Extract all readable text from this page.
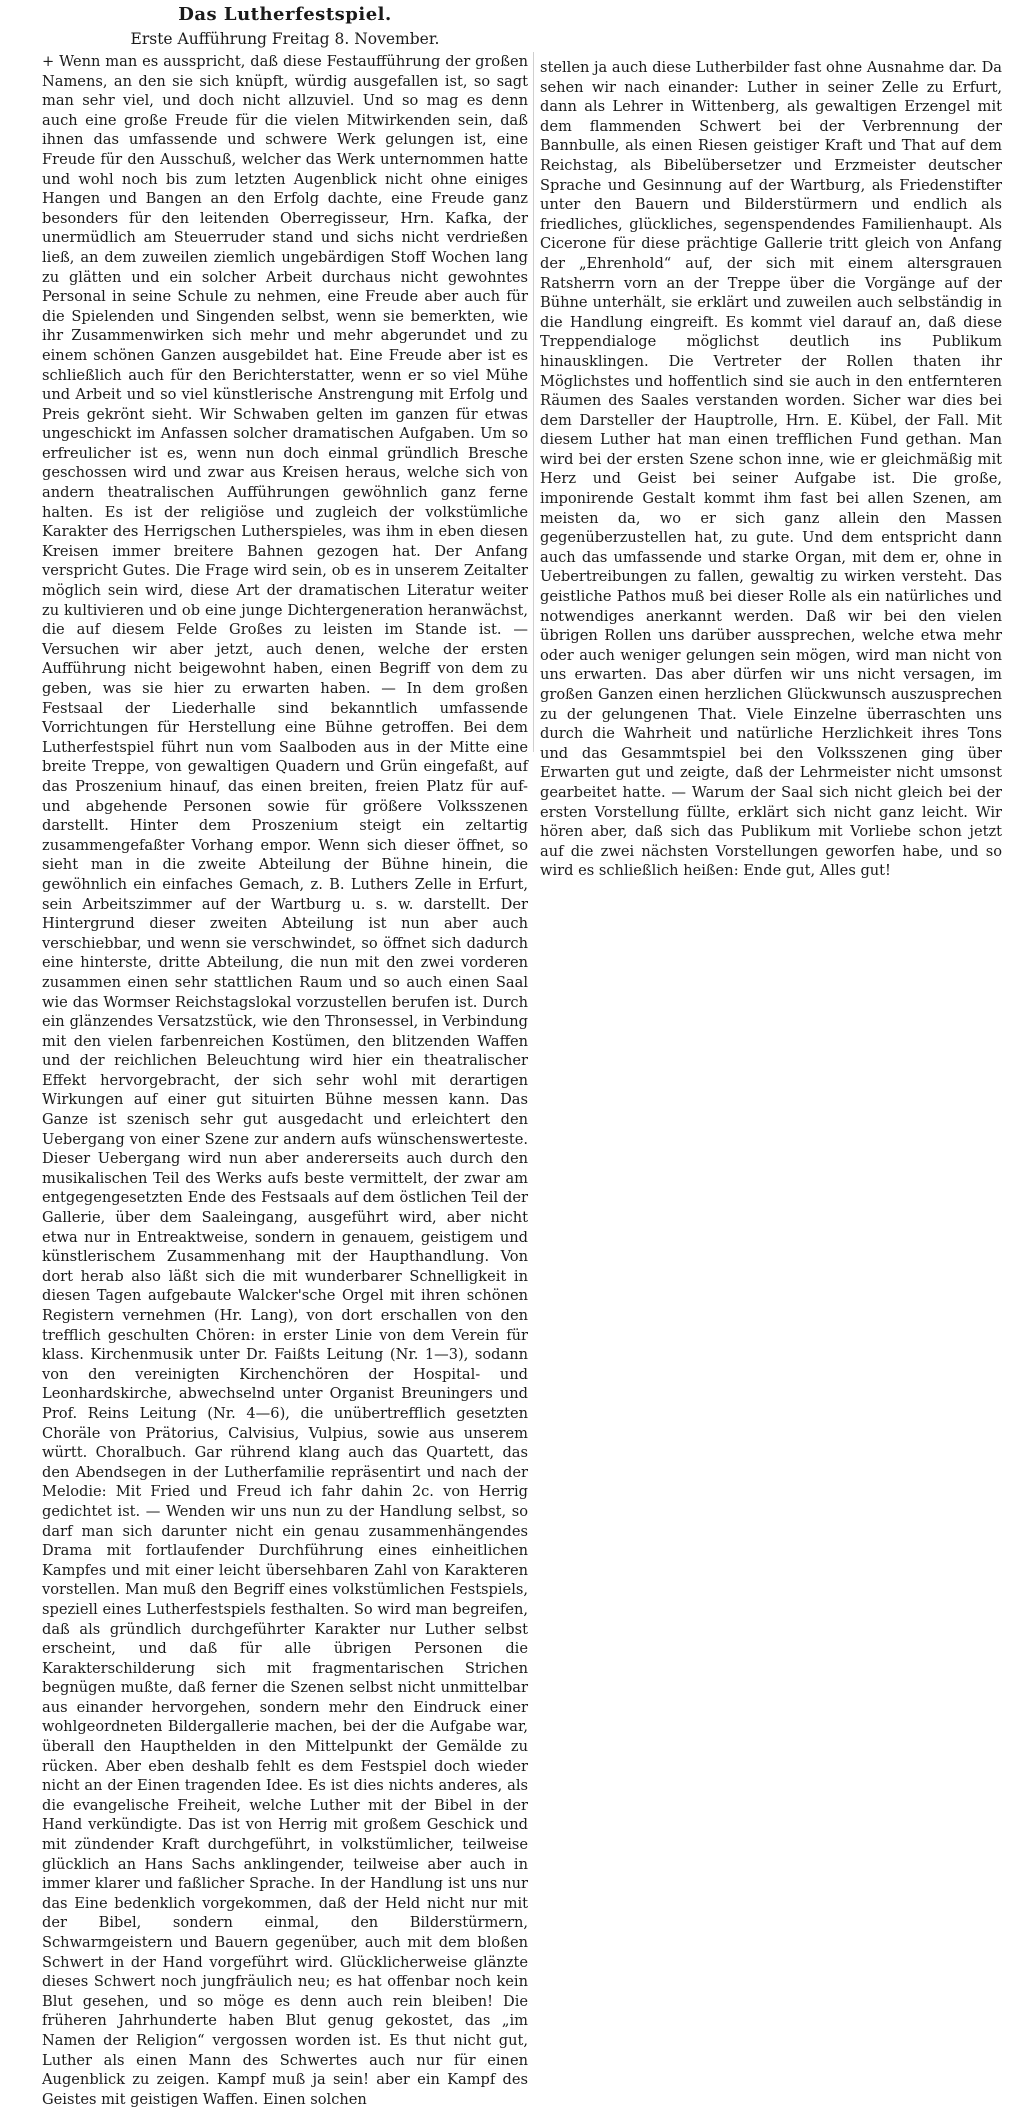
Das Lutherfestspiel.
Erste Aufführung Freitag 8. November.

+ Wenn man es ausspricht, daß diese Festaufführung der großen Namens, an den sie sich knüpft, würdig ausgefallen ist, so sagt man sehr viel, und doch nicht allzuviel. Und so mag es denn auch eine große Freude für die vielen Mitwirkenden sein, daß ihnen das umfassende und schwere Werk gelungen ist, eine Freude für den Ausschuß, welcher das Werk unternommen hatte und wohl noch bis zum letzten Augenblick nicht ohne einiges Hangen und Bangen an den Erfolg dachte, eine Freude ganz besonders für den leitenden Oberregisseur, Hrn. Kafka, der unermüdlich am Steuerruder stand und sichs nicht verdrießen ließ, an dem zuweilen ziemlich ungebärdigen Stoff Wochen lang zu glätten und ein solcher Arbeit durchaus nicht gewohntes Personal in seine Schule zu nehmen, eine Freude aber auch für die Spielenden und Singenden selbst, wenn sie bemerkten, wie ihr Zusammenwirken sich mehr und mehr abgerundet und zu einem schönen Ganzen ausgebildet hat. Eine Freude aber ist es schließlich auch für den Berichterstatter, wenn er so viel Mühe und Arbeit und so viel künstlerische Anstrengung mit Erfolg und Preis gekrönt sieht. Wir Schwaben gelten im ganzen für etwas ungeschickt im Anfassen solcher dramatischen Aufgaben. Um so erfreulicher ist es, wenn nun doch einmal gründlich Bresche geschossen wird und zwar aus Kreisen heraus, welche sich von andern theatralischen Aufführungen gewöhnlich ganz ferne halten. Es ist der religiöse und zugleich der volkstümliche Karakter des Herrigschen Lutherspieles, was ihm in eben diesen Kreisen immer breitere Bahnen gezogen hat. Der Anfang verspricht Gutes. Die Frage wird sein, ob es in unserem Zeitalter möglich sein wird, diese Art der dramatischen Literatur weiter zu kultivieren und ob eine junge Dichtergeneration heranwächst, die auf diesem Felde Großes zu leisten im Stande ist. — Versuchen wir aber jetzt, auch denen, welche der ersten Aufführung nicht beigewohnt haben, einen Begriff von dem zu geben, was sie hier zu erwarten haben. — In dem großen Festsaal der Liederhalle sind bekanntlich umfassende Vorrichtungen für Herstellung eine Bühne getroffen. Bei dem Lutherfestspiel führt nun vom Saalboden aus in der Mitte eine breite Treppe, von gewaltigen Quadern und Grün eingefaßt, auf das Proszenium hinauf, das einen breiten, freien Platz für auf- und abgehende Personen sowie für größere Volksszenen darstellt. Hinter dem Proszenium steigt ein zeltartig zusammengefaßter Vorhang empor. Wenn sich dieser öffnet, so sieht man in die zweite Abteilung der Bühne hinein, die gewöhnlich ein einfaches Gemach, z. B. Luthers Zelle in Erfurt, sein Arbeitszimmer auf der Wartburg u. s. w. darstellt. Der Hintergrund dieser zweiten Abteilung ist nun aber auch verschiebbar, und wenn sie verschwindet, so öffnet sich dadurch eine hinterste, dritte Abteilung, die nun mit den zwei vorderen zusammen einen sehr stattlichen Raum und so auch einen Saal wie das Wormser Reichstagslokal vorzustellen berufen ist. Durch ein glänzendes Versatzstück, wie den Thronsessel, in Verbindung mit den vielen farbenreichen Kostümen, den blitzenden Waffen und der reichlichen Beleuchtung wird hier ein theatralischer Effekt hervorgebracht, der sich sehr wohl mit derartigen Wirkungen auf einer gut situirten Bühne messen kann. Das Ganze ist szenisch sehr gut ausgedacht und erleichtert den Uebergang von einer Szene zur andern aufs wünschenswerteste. Dieser Uebergang wird nun aber andererseits auch durch den musikalischen Teil des Werks aufs beste vermittelt, der zwar am entgegengesetzten Ende des Festsaals auf dem östlichen Teil der Gallerie, über dem Saaleingang, ausgeführt wird, aber nicht etwa nur in Entreaktweise, sondern in genauem, geistigem und künstlerischem Zusammenhang mit der Haupthandlung. Von dort herab also läßt sich die mit wunderbarer Schnelligkeit in diesen Tagen aufgebaute Walcker'sche Orgel mit ihren schönen Registern vernehmen (Hr. Lang), von dort erschallen von den trefflich geschulten Chören: in erster Linie von dem Verein für klass. Kirchenmusik unter Dr. Faißts Leitung (Nr. 1—3), sodann von den vereinigten Kirchenchören der Hospital- und Leonhardskirche, abwechselnd unter Organist Breuningers und Prof. Reins Leitung (Nr. 4—6), die unübertrefflich gesetzten Choräle von Prätorius, Calvisius, Vulpius, sowie aus unserem württ. Choralbuch. Gar rührend klang auch das Quartett, das den Abendsegen in der Lutherfamilie repräsentirt und nach der Melodie: Mit Fried und Freud ich fahr dahin 2c. von Herrig gedichtet ist. — Wenden wir uns nun zu der Handlung selbst, so darf man sich darunter nicht ein genau zusammenhängendes Drama mit fortlaufender Durchführung eines einheitlichen Kampfes und mit einer leicht übersehbaren Zahl von Karakteren vorstellen. Man muß den Begriff eines volkstümlichen Festspiels, speziell eines Lutherfestspiels festhalten. So wird man begreifen, daß als gründlich durchgeführter Karakter nur Luther selbst erscheint, und daß für alle übrigen Personen die Karakterschilderung sich mit fragmentarischen Strichen begnügen mußte, daß ferner die Szenen selbst nicht unmittelbar aus einander hervorgehen, sondern mehr den Eindruck einer wohlgeordneten Bildergallerie machen, bei der die Aufgabe war, überall den Haupthelden in den Mittelpunkt der Gemälde zu rücken. Aber eben deshalb fehlt es dem Festspiel doch wieder nicht an der Einen tragenden Idee. Es ist dies nichts anderes, als die evangelische Freiheit, welche Luther mit der Bibel in der Hand verkündigte. Das ist von Herrig mit großem Geschick und mit zündender Kraft durchgeführt, in volkstümlicher, teilweise glücklich an Hans Sachs anklingender, teilweise aber auch in immer klarer und faßlicher Sprache. In der Handlung ist uns nur das Eine bedenklich vorgekommen, daß der Held nicht nur mit der Bibel, sondern einmal, den Bilderstürmern, Schwarmgeistern und Bauern gegenüber, auch mit dem bloßen Schwert in der Hand vorgeführt wird. Glücklicherweise glänzte dieses Schwert noch jungfräulich neu; es hat offenbar noch kein Blut gesehen, und so möge es denn auch rein bleiben! Die früheren Jahrhunderte haben Blut genug gekostet, das „im Namen der Religion“ vergossen worden ist. Es thut nicht gut, Luther als einen Mann des Schwertes auch nur für einen Augenblick zu zeigen. Kampf muß ja sein! aber ein Kampf des Geistes mit geistigen Waffen. Einen solchen

stellen ja auch diese Lutherbilder fast ohne Ausnahme dar. Da sehen wir nach einander: Luther in seiner Zelle zu Erfurt, dann als Lehrer in Wittenberg, als gewaltigen Erzengel mit dem flammenden Schwert bei der Verbrennung der Bannbulle, als einen Riesen geistiger Kraft und That auf dem Reichstag, als Bibelübersetzer und Erzmeister deutscher Sprache und Gesinnung auf der Wartburg, als Friedenstifter unter den Bauern und Bilderstürmern und endlich als friedliches, glückliches, segenspendendes Familienhaupt. Als Cicerone für diese prächtige Gallerie tritt gleich von Anfang der „Ehrenhold“ auf, der sich mit einem altersgrauen Ratsherrn vorn an der Treppe über die Vorgänge auf der Bühne unterhält, sie erklärt und zuweilen auch selbständig in die Handlung eingreift. Es kommt viel darauf an, daß diese Treppendialoge möglichst deutlich ins Publikum hinausklingen. Die Vertreter der Rollen thaten ihr Möglichstes und hoffentlich sind sie auch in den entfernteren Räumen des Saales verstanden worden. Sicher war dies bei dem Darsteller der Hauptrolle, Hrn. E. Kübel, der Fall. Mit diesem Luther hat man einen trefflichen Fund gethan. Man wird bei der ersten Szene schon inne, wie er gleichmäßig mit Herz und Geist bei seiner Aufgabe ist. Die große, imponirende Gestalt kommt ihm fast bei allen Szenen, am meisten da, wo er sich ganz allein den Massen gegenüberzustellen hat, zu gute. Und dem entspricht dann auch das umfassende und starke Organ, mit dem er, ohne in Uebertreibungen zu fallen, gewaltig zu wirken versteht. Das geistliche Pathos muß bei dieser Rolle als ein natürliches und notwendiges anerkannt werden. Daß wir bei den vielen übrigen Rollen uns darüber aussprechen, welche etwa mehr oder auch weniger gelungen sein mögen, wird man nicht von uns erwarten. Das aber dürfen wir uns nicht versagen, im großen Ganzen einen herzlichen Glückwunsch auszusprechen zu der gelungenen That. Viele Einzelne überraschten uns durch die Wahrheit und natürliche Herzlichkeit ihres Tons und das Gesammtspiel bei den Volksszenen ging über Erwarten gut und zeigte, daß der Lehrmeister nicht umsonst gearbeitet hatte. — Warum der Saal sich nicht gleich bei der ersten Vorstellung füllte, erklärt sich nicht ganz leicht. Wir hören aber, daß sich das Publikum mit Vorliebe schon jetzt auf die zwei nächsten Vorstellungen geworfen habe, und so wird es schließlich heißen: Ende gut, Alles gut!
